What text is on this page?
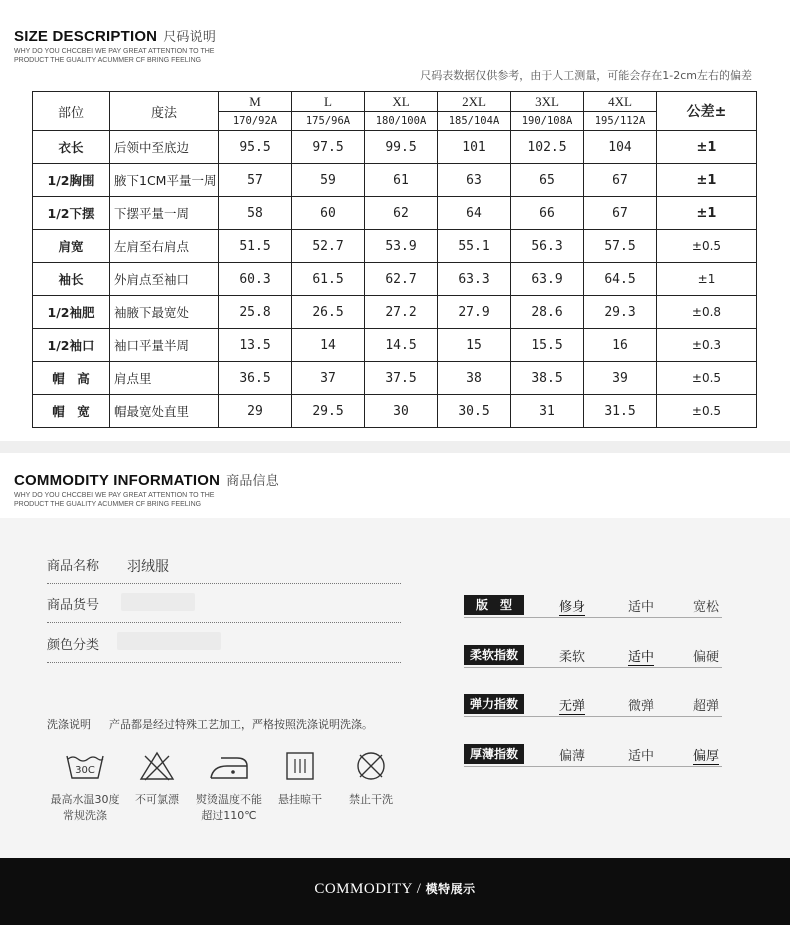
SIZE DESCRIPTION 尺码说明
WHY DO YOU CHCCBEI WE PAY GREAT ATTENTION TO THE
PRODUCT THE GUALITY ACUMMER CF BRING FEELING
尺码表数据仅供参考，由于人工测量，可能会存在1-2cm左右的偏差
部位	度法	M	L	XL	2XL	3XL	4XL	公差±
		170/92A	175/96A	180/100A	185/104A	190/108A	195/112A	
衣长	后领中至底边	95.5	97.5	99.5	101	102.5	104	±1
1/2胸围	腋下1CM平量一周	57	59	61	63	65	67	±1
1/2下摆	下摆平量一周	58	60	62	64	66	67	±1
肩宽	左肩至右肩点	51.5	52.7	53.9	55.1	56.3	57.5	±0.5
袖长	外肩点至袖口	60.3	61.5	62.7	63.3	63.9	64.5	±1
1/2袖肥	袖腋下最宽处	25.8	26.5	27.2	27.9	28.6	29.3	±0.8
1/2袖口	袖口平量半周	13.5	14	14.5	15	15.5	16	±0.3
帽　高	肩点里	36.5	37	37.5	38	38.5	39	±0.5
帽　宽	帽最宽处直里	29	29.5	30	30.5	31	31.5	±0.5
COMMODITY INFORMATION 商品信息
WHY DO YOU CHCCBEI WE PAY GREAT ATTENTION TO THE
PRODUCT THE GUALITY ACUMMER CF BRING FEELING
商品名称 羽绒服
商品货号
颜色分类
洗涤说明 产品都是经过特殊工艺加工，严格按照洗涤说明洗涤。
30C
最高水温30度
常规洗涤
不可氯漂	熨烫温度不能
超过110℃
悬挂晾干	禁止干洗
版　型	修身	适中	宽松
柔软指数	柔软	适中	偏硬
弹力指数	无弹	微弹	超弹
厚薄指数	偏薄	适中	偏厚
COMMODITY / 模特展示
